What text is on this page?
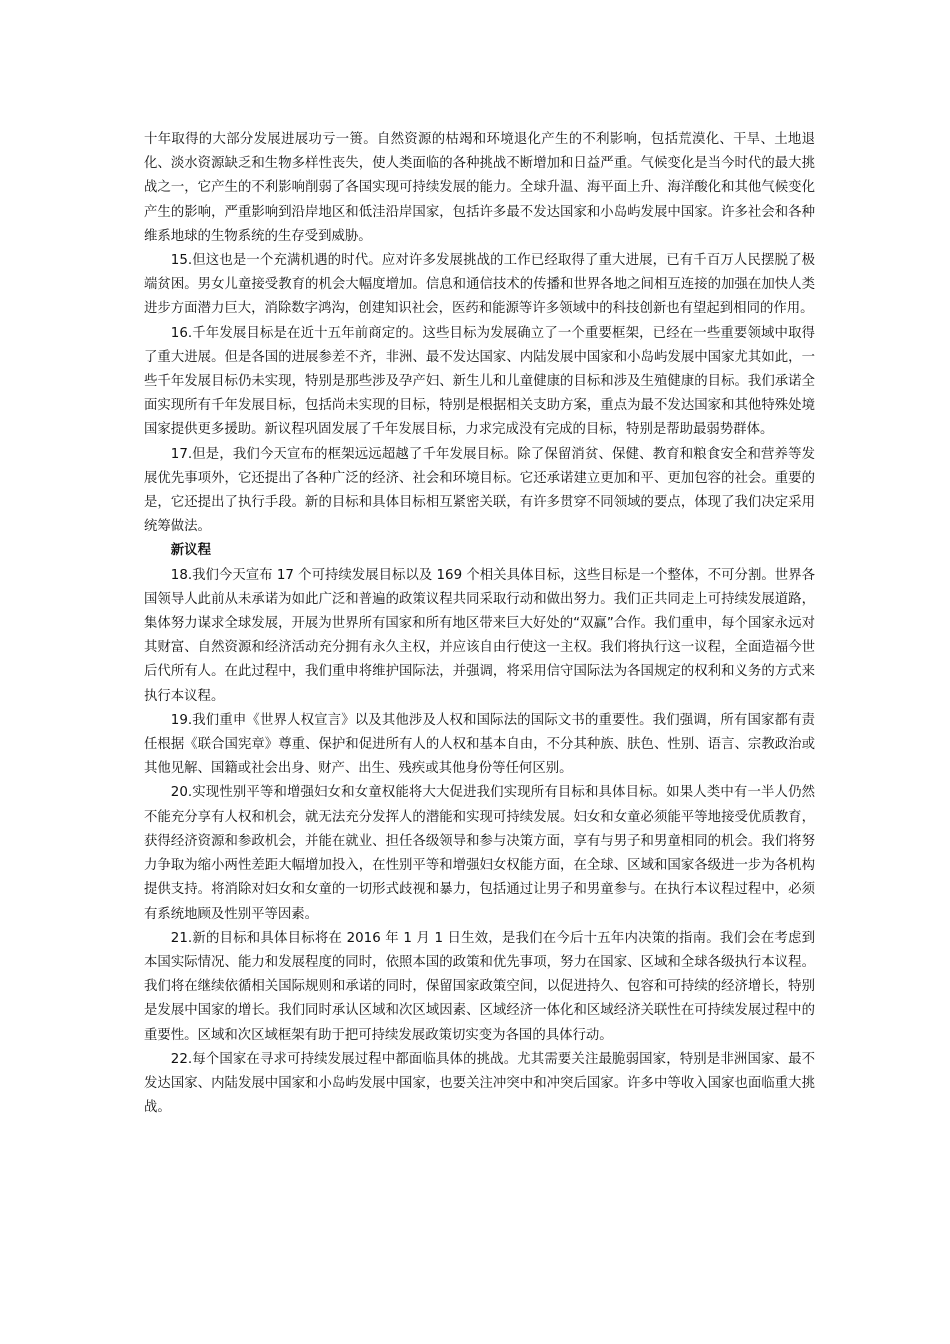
十年取得的大部分发展进展功亏一篑。自然资源的枯竭和环境退化产生的不利影响，包括荒漠化、干旱、土地退化、淡水资源缺乏和生物多样性丧失，使人类面临的各种挑战不断增加和日益严重。气候变化是当今时代的最大挑战之一，它产生的不利影响削弱了各国实现可持续发展的能力。全球升温、海平面上升、海洋酸化和其他气候变化产生的影响，严重影响到沿岸地区和低洼沿岸国家，包括许多最不发达国家和小岛屿发展中国家。许多社会和各种维系地球的生物系统的生存受到威胁。

15.但这也是一个充满机遇的时代。应对许多发展挑战的工作已经取得了重大进展，已有千百万人民摆脱了极端贫困。男女儿童接受教育的机会大幅度增加。信息和通信技术的传播和世界各地之间相互连接的加强在加快人类进步方面潜力巨大，消除数字鸿沟，创建知识社会，医药和能源等许多领域中的科技创新也有望起到相同的作用。

16.千年发展目标是在近十五年前商定的。这些目标为发展确立了一个重要框架，已经在一些重要领域中取得了重大进展。但是各国的进展参差不齐，非洲、最不发达国家、内陆发展中国家和小岛屿发展中国家尤其如此，一些千年发展目标仍未实现，特别是那些涉及孕产妇、新生儿和儿童健康的目标和涉及生殖健康的目标。我们承诺全面实现所有千年发展目标，包括尚未实现的目标，特别是根据相关支助方案，重点为最不发达国家和其他特殊处境国家提供更多援助。新议程巩固发展了千年发展目标，力求完成没有完成的目标，特别是帮助最弱势群体。

17.但是，我们今天宣布的框架远远超越了千年发展目标。除了保留消贫、保健、教育和粮食安全和营养等发展优先事项外，它还提出了各种广泛的经济、社会和环境目标。它还承诺建立更加和平、更加包容的社会。重要的是，它还提出了执行手段。新的目标和具体目标相互紧密关联，有许多贯穿不同领域的要点，体现了我们决定采用统筹做法。

新议程

18.我们今天宣布 17 个可持续发展目标以及 169 个相关具体目标，这些目标是一个整体，不可分割。世界各国领导人此前从未承诺为如此广泛和普遍的政策议程共同采取行动和做出努力。我们正共同走上可持续发展道路，集体努力谋求全球发展，开展为世界所有国家和所有地区带来巨大好处的“双赢”合作。我们重申，每个国家永远对其财富、自然资源和经济活动充分拥有永久主权，并应该自由行使这一主权。我们将执行这一议程，全面造福今世后代所有人。在此过程中，我们重申将维护国际法，并强调，将采用信守国际法为各国规定的权利和义务的方式来执行本议程。

19.我们重申《世界人权宣言》以及其他涉及人权和国际法的国际文书的重要性。我们强调，所有国家都有责任根据《联合国宪章》尊重、保护和促进所有人的人权和基本自由，不分其种族、肤色、性别、语言、宗教政治或其他见解、国籍或社会出身、财产、出生、残疾或其他身份等任何区别。

20.实现性别平等和增强妇女和女童权能将大大促进我们实现所有目标和具体目标。如果人类中有一半人仍然不能充分享有人权和机会，就无法充分发挥人的潜能和实现可持续发展。妇女和女童必须能平等地接受优质教育，获得经济资源和参政机会，并能在就业、担任各级领导和参与决策方面，享有与男子和男童相同的机会。我们将努力争取为缩小两性差距大幅增加投入，在性别平等和增强妇女权能方面，在全球、区域和国家各级进一步为各机构提供支持。将消除对妇女和女童的一切形式歧视和暴力，包括通过让男子和男童参与。在执行本议程过程中，必须有系统地顾及性别平等因素。

21.新的目标和具体目标将在 2016 年 1 月 1 日生效，是我们在今后十五年内决策的指南。我们会在考虑到本国实际情况、能力和发展程度的同时，依照本国的政策和优先事项，努力在国家、区域和全球各级执行本议程。我们将在继续依循相关国际规则和承诺的同时，保留国家政策空间，以促进持久、包容和可持续的经济增长，特别是发展中国家的增长。我们同时承认区域和次区域因素、区域经济一体化和区域经济关联性在可持续发展过程中的重要性。区域和次区域框架有助于把可持续发展政策切实变为各国的具体行动。

22.每个国家在寻求可持续发展过程中都面临具体的挑战。尤其需要关注最脆弱国家，特别是非洲国家、最不发达国家、内陆发展中国家和小岛屿发展中国家，也要关注冲突中和冲突后国家。许多中等收入国家也面临重大挑战。
